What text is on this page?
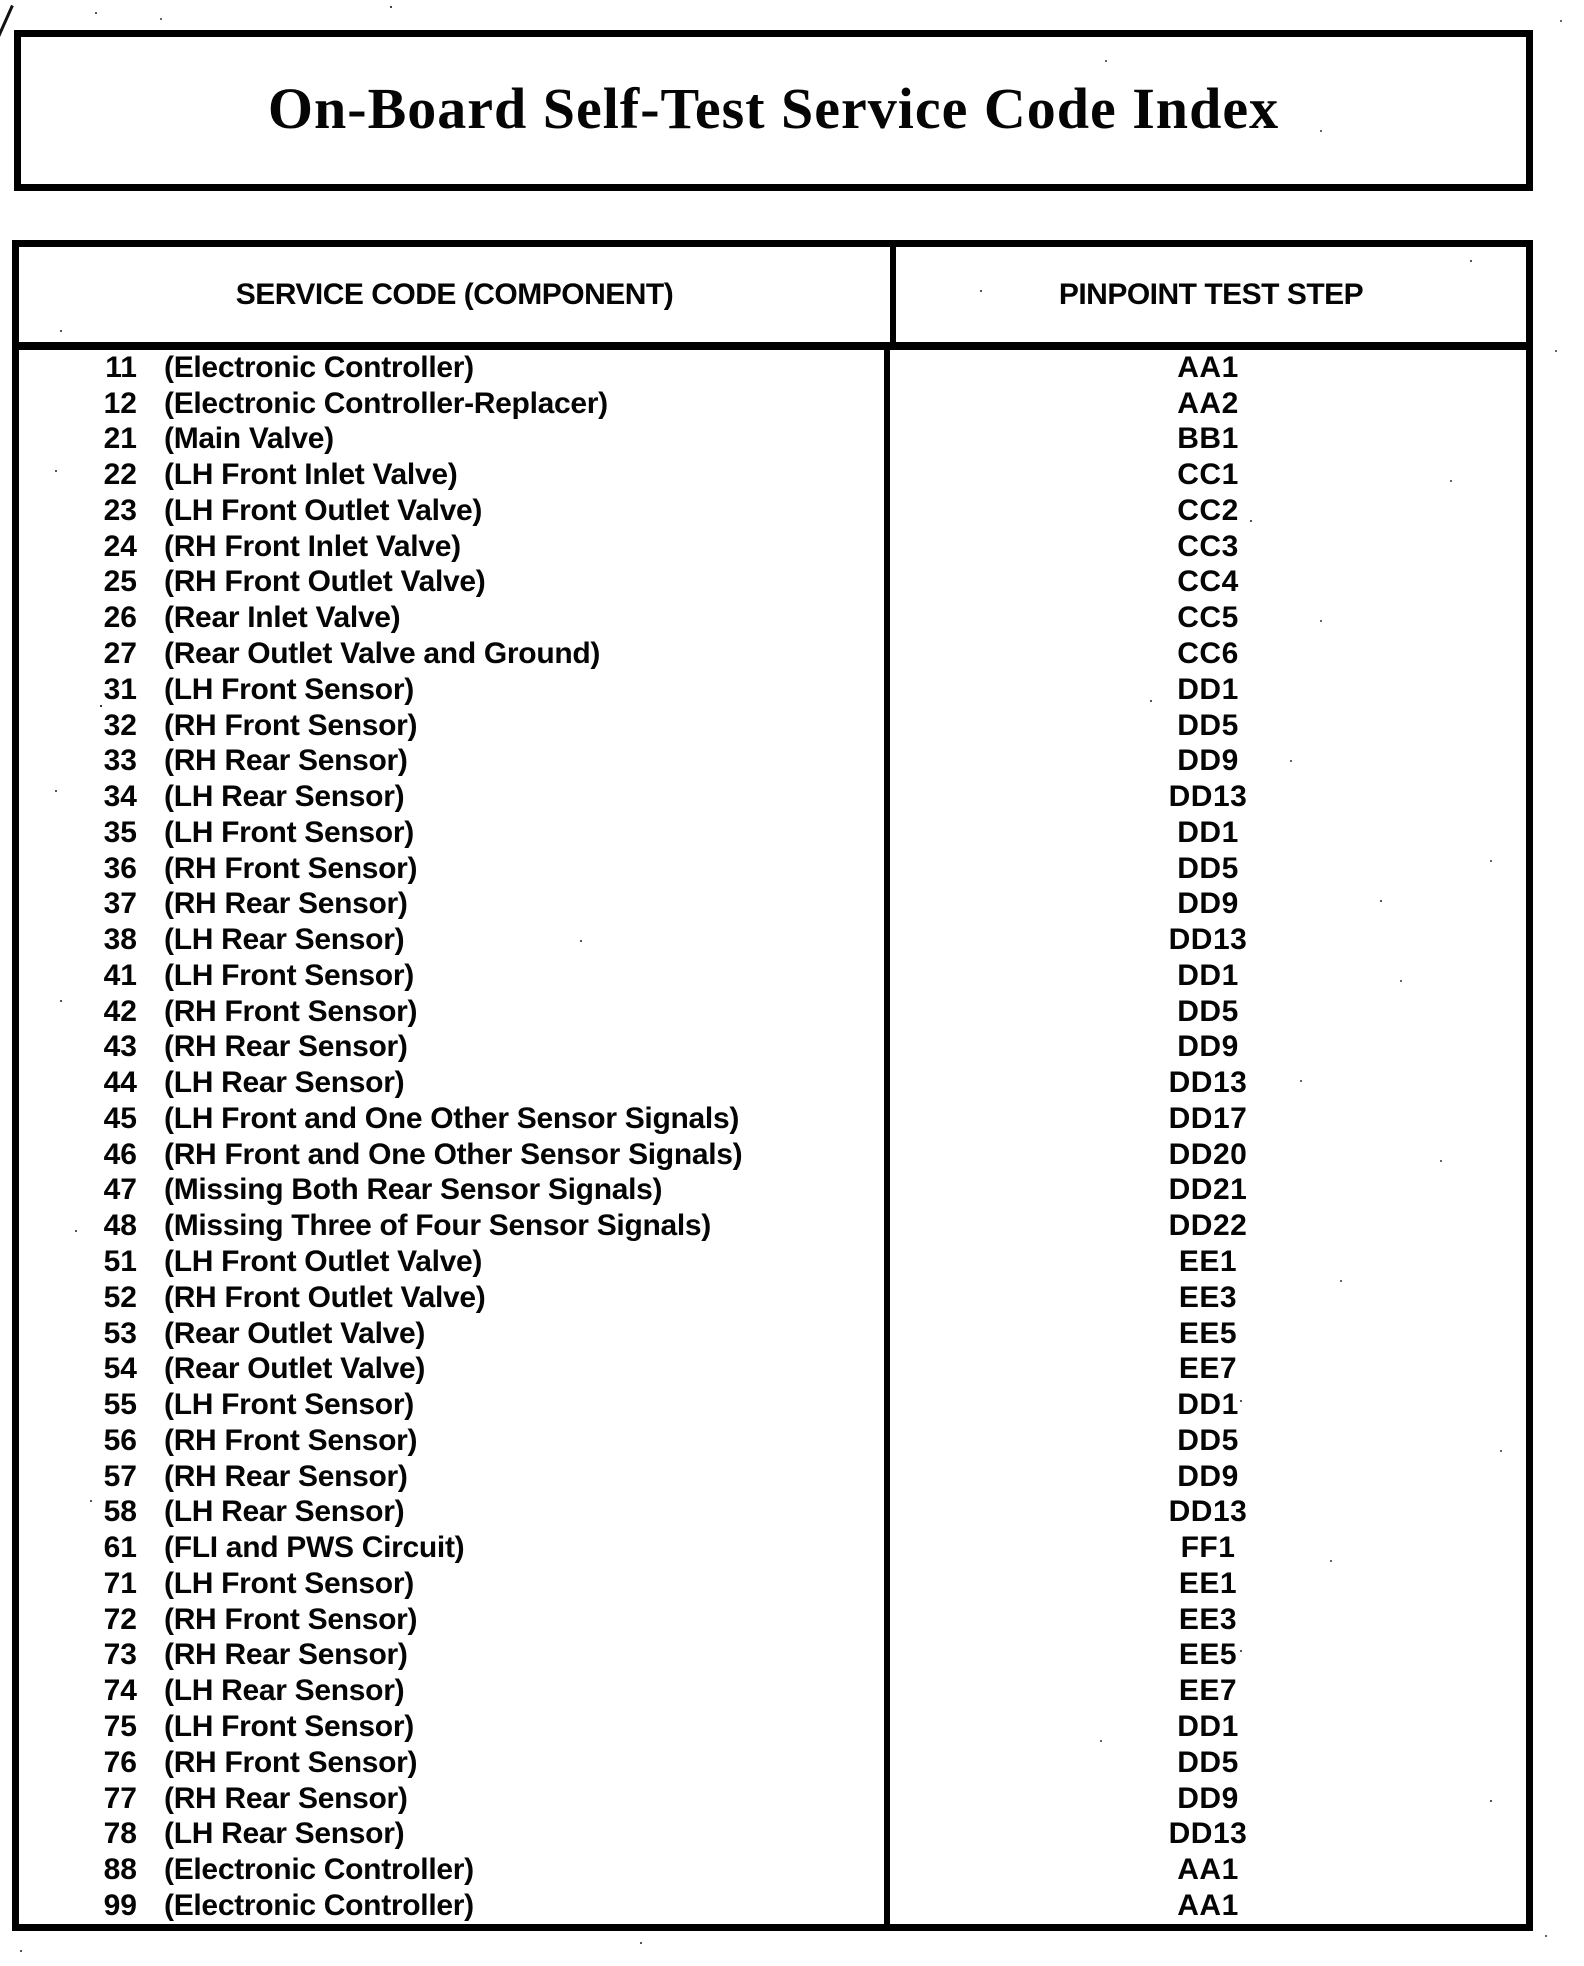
On-Board Self-Test Service Code Index
SERVICE CODE (COMPONENT)	PINPOINT TEST STEP
11 (Electronic Controller)	AA1
12 (Electronic Controller-Replacer)	AA2
21 (Main Valve)	BB1
22 (LH Front Inlet Valve)	CC1
23 (LH Front Outlet Valve)	CC2
24 (RH Front Inlet Valve)	CC3
25 (RH Front Outlet Valve)	CC4
26 (Rear Inlet Valve)	CC5
27 (Rear Outlet Valve and Ground)	CC6
31 (LH Front Sensor)	DD1
32 (RH Front Sensor)	DD5
33 (RH Rear Sensor)	DD9
34 (LH Rear Sensor)	DD13
35 (LH Front Sensor)	DD1
36 (RH Front Sensor)	DD5
37 (RH Rear Sensor)	DD9
38 (LH Rear Sensor)	DD13
41 (LH Front Sensor)	DD1
42 (RH Front Sensor)	DD5
43 (RH Rear Sensor)	DD9
44 (LH Rear Sensor)	DD13
45 (LH Front and One Other Sensor Signals)	DD17
46 (RH Front and One Other Sensor Signals)	DD20
47 (Missing Both Rear Sensor Signals)	DD21
48 (Missing Three of Four Sensor Signals)	DD22
51 (LH Front Outlet Valve)	EE1
52 (RH Front Outlet Valve)	EE3
53 (Rear Outlet Valve)	EE5
54 (Rear Outlet Valve)	EE7
55 (LH Front Sensor)	DD1
56 (RH Front Sensor)	DD5
57 (RH Rear Sensor)	DD9
58 (LH Rear Sensor)	DD13
61 (FLI and PWS Circuit)	FF1
71 (LH Front Sensor)	EE1
72 (RH Front Sensor)	EE3
73 (RH Rear Sensor)	EE5
74 (LH Rear Sensor)	EE7
75 (LH Front Sensor)	DD1
76 (RH Front Sensor)	DD5
77 (RH Rear Sensor)	DD9
78 (LH Rear Sensor)	DD13
88 (Electronic Controller)	AA1
99 (Electronic Controller)	AA1
